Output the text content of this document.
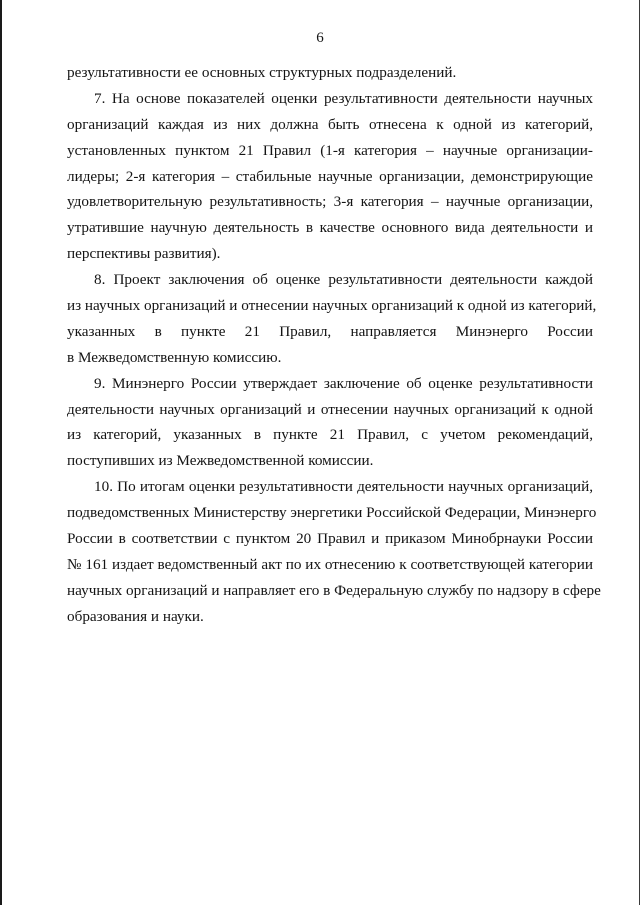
6
результативности ее основных структурных подразделений.
7. На основе показателей оценки результативности деятельности научных
организаций каждая из них должна быть отнесена к одной из категорий,
установленных пунктом 21 Правил (1-я категория – научные организации-
лидеры; 2-я категория – стабильные научные организации, демонстрирующие
удовлетворительную результативность; 3-я категория – научные организации,
утратившие научную деятельность в качестве основного вида деятельности и
перспективы развития).
8. Проект заключения об оценке результативности деятельности каждой
из научных организаций и отнесении научных организаций к одной из категорий,
указанных в пункте 21 Правил, направляется Минэнерго России
в Межведомственную комиссию.
9. Минэнерго России утверждает заключение об оценке результативности
деятельности научных организаций и отнесении научных организаций к одной
из категорий, указанных в пункте 21 Правил, с учетом рекомендаций,
поступивших из Межведомственной комиссии.
10. По итогам оценки результативности деятельности научных организаций,
подведомственных Министерству энергетики Российской Федерации, Минэнерго
России в соответствии с пунктом 20 Правил и приказом Минобрнауки России
№ 161 издает ведомственный акт по их отнесению к соответствующей категории
научных организаций и направляет его в Федеральную службу по надзору в сфере
образования и науки.
